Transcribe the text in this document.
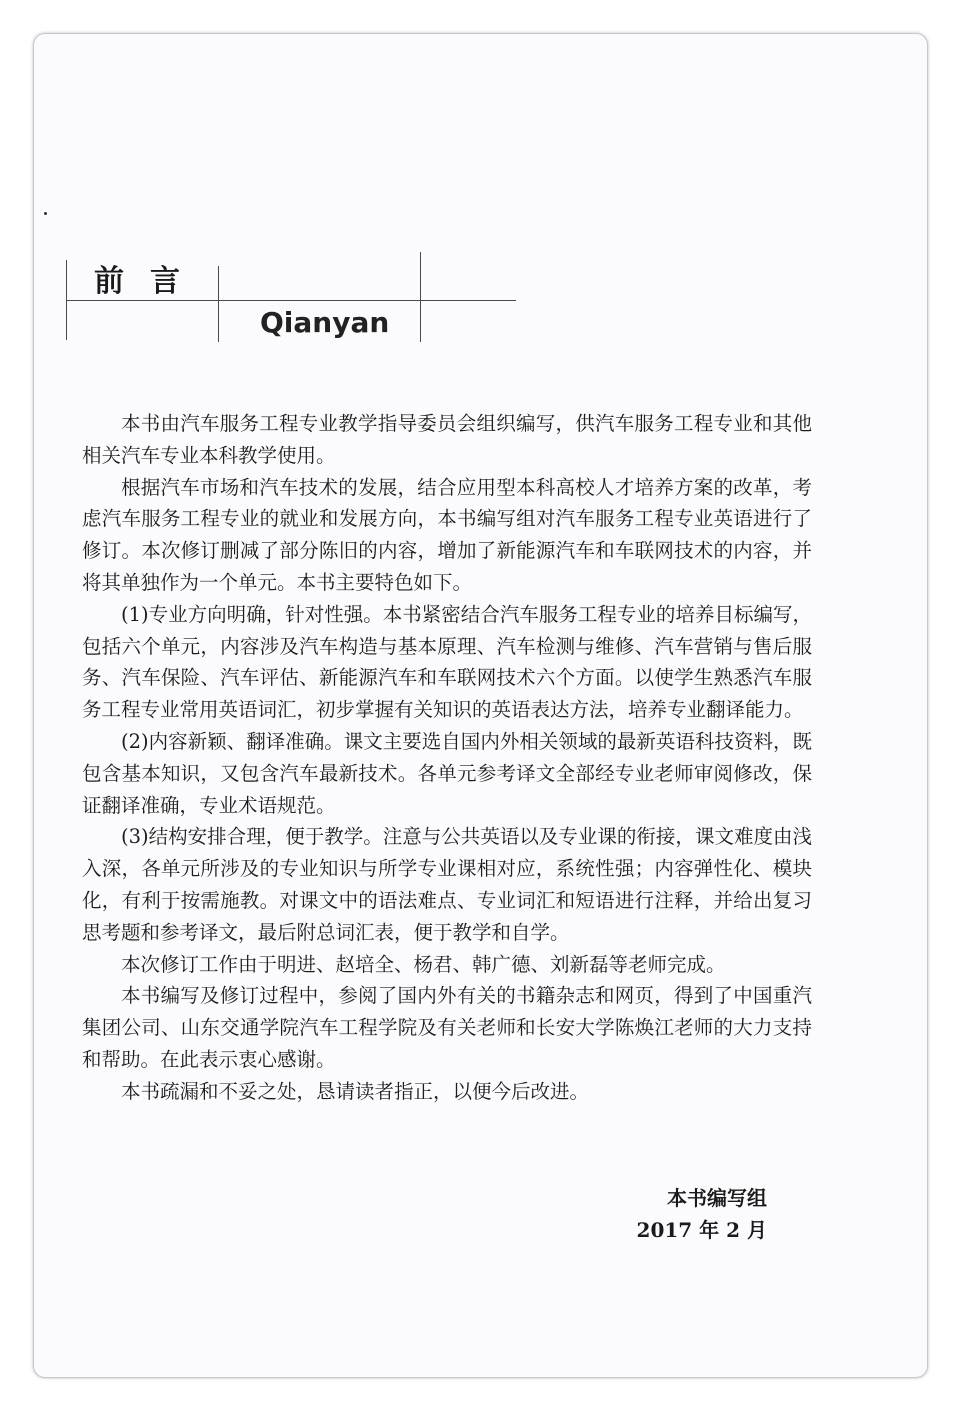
前言
Qianyan

本书由汽车服务工程专业教学指导委员会组织编写，供汽车服务工程专业和其他相关汽车专业本科教学使用。

根据汽车市场和汽车技术的发展，结合应用型本科高校人才培养方案的改革，考虑汽车服务工程专业的就业和发展方向，本书编写组对汽车服务工程专业英语进行了修订。本次修订删减了部分陈旧的内容，增加了新能源汽车和车联网技术的内容，并将其单独作为一个单元。本书主要特色如下。

(1)专业方向明确，针对性强。本书紧密结合汽车服务工程专业的培养目标编写，包括六个单元，内容涉及汽车构造与基本原理、汽车检测与维修、汽车营销与售后服务、汽车保险、汽车评估、新能源汽车和车联网技术六个方面。以使学生熟悉汽车服务工程专业常用英语词汇，初步掌握有关知识的英语表达方法，培养专业翻译能力。

(2)内容新颖、翻译准确。课文主要选自国内外相关领域的最新英语科技资料，既包含基本知识，又包含汽车最新技术。各单元参考译文全部经专业老师审阅修改，保证翻译准确，专业术语规范。

(3)结构安排合理，便于教学。注意与公共英语以及专业课的衔接，课文难度由浅入深，各单元所涉及的专业知识与所学专业课相对应，系统性强；内容弹性化、模块化，有利于按需施教。对课文中的语法难点、专业词汇和短语进行注释，并给出复习思考题和参考译文，最后附总词汇表，便于教学和自学。

本次修订工作由于明进、赵培全、杨君、韩广德、刘新磊等老师完成。

本书编写及修订过程中，参阅了国内外有关的书籍杂志和网页，得到了中国重汽集团公司、山东交通学院汽车工程学院及有关老师和长安大学陈焕江老师的大力支持和帮助。在此表示衷心感谢。

本书疏漏和不妥之处，恳请读者指正，以便今后改进。

本书编写组
2017 年 2 月
